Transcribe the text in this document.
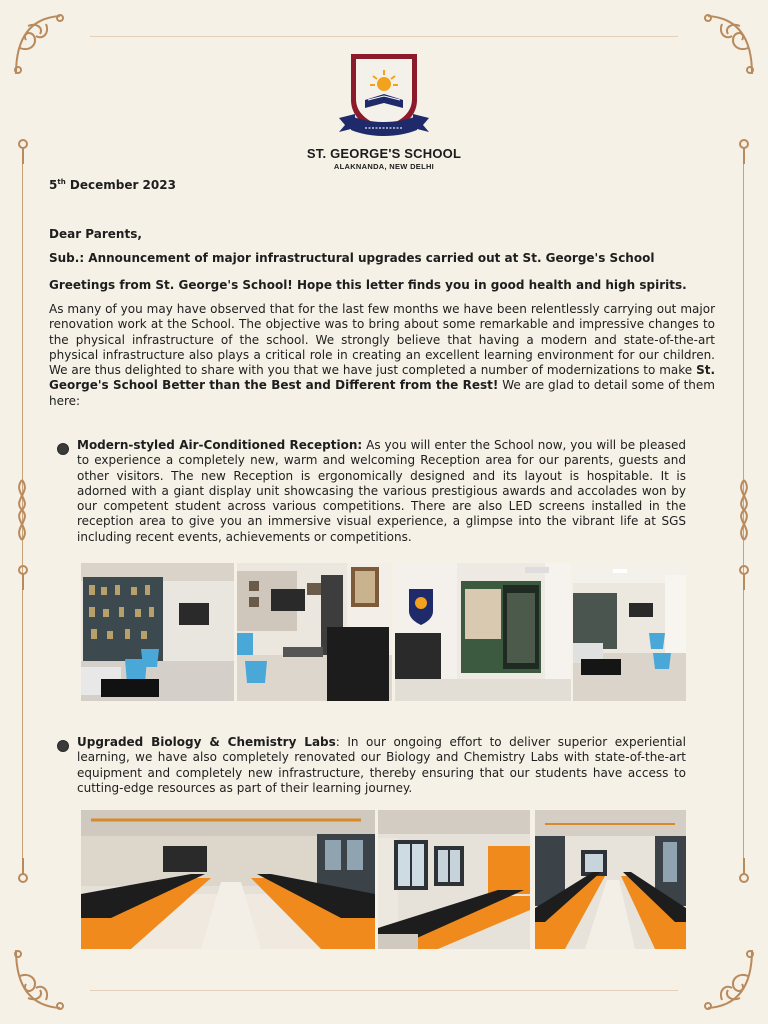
ST. GEORGE'S SCHOOL
ALAKNANDA, NEW DELHI
5th December 2023
Dear Parents,
Sub.: Announcement of major infrastructural upgrades carried out at St. George's School
Greetings from St. George's School! Hope this letter finds you in good health and high spirits.
As many of you may have observed that for the last few months we have been relentlessly carrying out major renovation work at the School. The objective was to bring about some remarkable and impressive changes to the physical infrastructure of the school. We strongly believe that having a modern and state-of-the-art physical infrastructure also plays a critical role in creating an excellent learning environment for our children. We are thus delighted to share with you that we have just completed a number of modernizations to make St. George's School Better than the Best and Different from the Rest! We are glad to detail some of them here:
Modern-styled Air-Conditioned Reception: As you will enter the School now, you will be pleased to experience a completely new, warm and welcoming Reception area for our parents, guests and other visitors. The new Reception is ergonomically designed and its layout is hospitable. It is adorned with a giant display unit showcasing the various prestigious awards and accolades won by our competent student across various competitions. There are also LED screens installed in the reception area to give you an immersive visual experience, a glimpse into the vibrant life at SGS including recent events, achievements or competitions.
Upgraded Biology & Chemistry Labs: In our ongoing effort to deliver superior experiential learning, we have also completely renovated our Biology and Chemistry Labs with state-of-the-art equipment and completely new infrastructure, thereby ensuring that our students have access to cutting-edge resources as part of their learning journey.
